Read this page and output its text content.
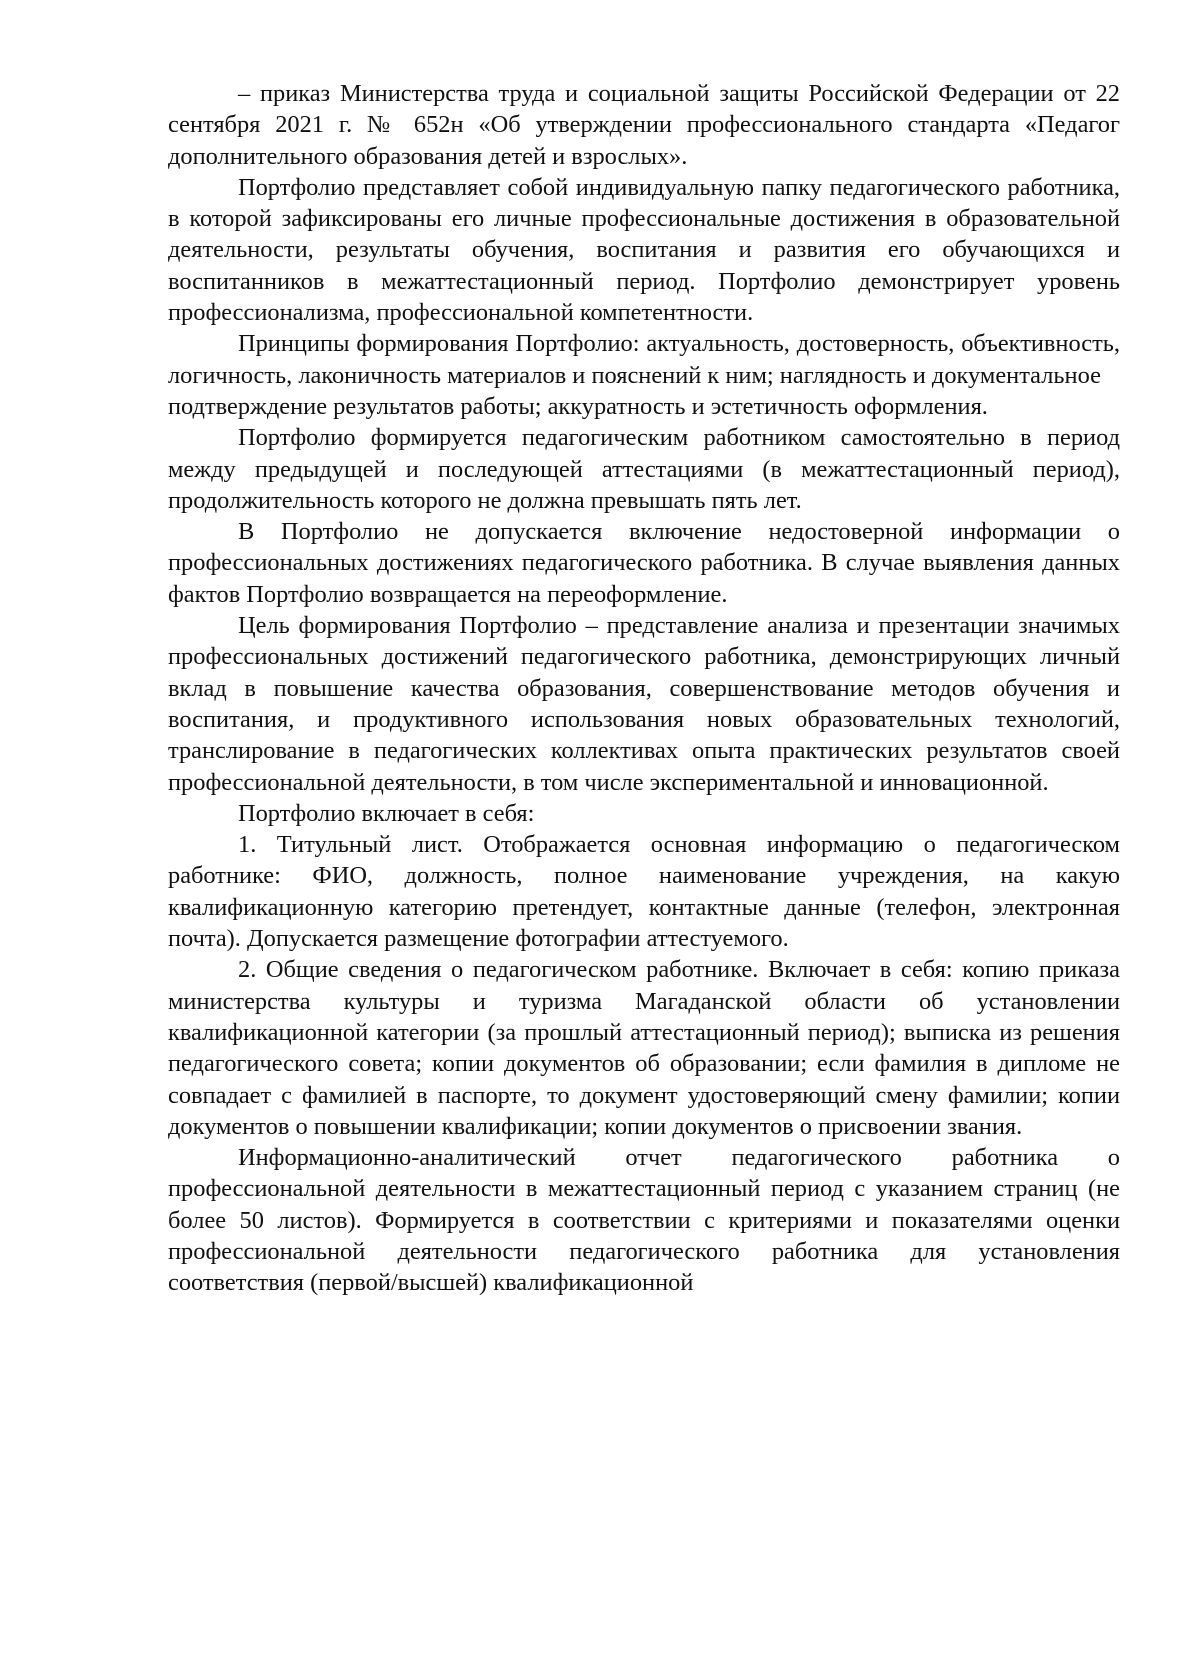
– приказ Министерства труда и социальной защиты Российской Федерации от 22 сентября 2021 г. № 652н «Об утверждении профессионального стандарта «Педагог дополнительного образования детей и взрослых».

Портфолио представляет собой индивидуальную папку педагогического работника, в которой зафиксированы его личные профессиональные достижения в образовательной деятельности, результаты обучения, воспитания и развития его обучающихся и воспитанников в межаттестационный период. Портфолио демонстрирует уровень профессионализма, профессиональной компетентности.

Принципы формирования Портфолио: актуальность, достоверность, объективность, логичность, лаконичность материалов и пояснений к ним; наглядность и документальное

подтверждение результатов работы; аккуратность и эстетичность оформления.

Портфолио формируется педагогическим работником самостоятельно в период между предыдущей и последующей аттестациями (в межаттестационный период), продолжительность которого не должна превышать пять лет.

В Портфолио не допускается включение недостоверной информации о профессиональных достижениях педагогического работника. В случае выявления данных фактов Портфолио возвращается на переоформление.

Цель формирования Портфолио – представление анализа и презентации значимых профессиональных достижений педагогического работника, демонстрирующих личный вклад в повышение качества образования, совершенствование методов обучения и воспитания, и продуктивного использования новых образовательных технологий, транслирование в педагогических коллективах опыта практических результатов своей профессиональной деятельности, в том числе экспериментальной и инновационной.

Портфолио включает в себя:

1. Титульный лист. Отображается основная информацию о педагогическом работнике: ФИО, должность, полное наименование учреждения, на какую квалификационную категорию претендует, контактные данные (телефон, электронная почта). Допускается размещение фотографии аттестуемого.

2. Общие сведения о педагогическом работнике. Включает в себя: копию приказа министерства культуры и туризма Магаданской области об установлении квалификационной категории (за прошлый аттестационный период); выписка из решения педагогического совета; копии документов об образовании; если фамилия в дипломе не совпадает с фамилией в паспорте, то документ удостоверяющий смену фамилии; копии документов о повышении квалификации; копии документов о присвоении звания.

Информационно-аналитический отчет педагогического работника о профессиональной деятельности в межаттестационный период с указанием страниц (не более 50 листов). Формируется в соответствии с критериями и показателями оценки профессиональной деятельности педагогического работника для установления соответствия (первой/высшей) квалификационной
